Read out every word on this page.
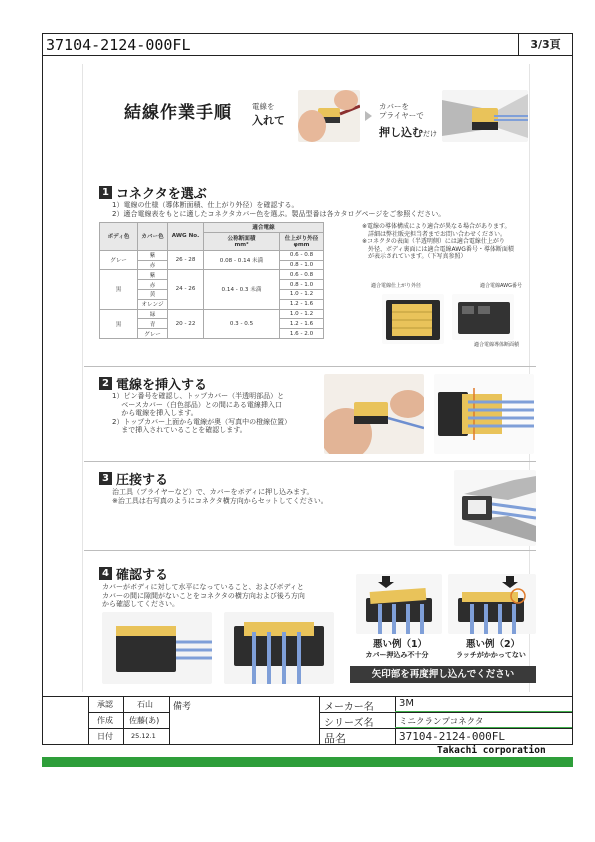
37104-2124-000FL	3/3頁
結線作業手順	電線を
入れて
カバーを
プライヤーで
押し込むだけ
1 コネクタを選ぶ
1）電線の仕様（導体断面積、仕上がり外径）を確認する。
2）適合電線表をもとに適したコネクタカバー色を選ぶ。製品型番は各カタログページをご参照ください。
ボディ色	カバー色	AWG No.	適合電線	
			公称断面積
mm²	仕上がり外径
φmm
グレー	紫	26 - 28	0.08 - 0.14 未満	0.6 - 0.8
	赤			0.8 - 1.0
黒	紫	24 - 26	0.14 - 0.3 未満	0.6 - 0.8
	赤			0.8 - 1.0
	黄			1.0 - 1.2
	オレンジ			1.2 - 1.6
黒	緑	20 - 22	0.3 - 0.5	1.0 - 1.2
	青			1.2 - 1.6
	グレー			1.6 - 2.0
※電線の導体構成により適合が異なる場合があります。
　詳細は弊社販売担当者までお問い合わせください。
※コネクタの表面（半透明側）には適合電線仕上がり
　外径、ボディ裏面には適合電線AWG番号・導体断面積
　が表示されています。（下写真参照）
適合電線仕上がり外径	適合電線AWG番号
適合電線導体断面積
2 電線を挿入する
1）ピン番号を確認し、トップカバー（半透明部品）と
　 ベースカバー（白色部品）との間にある電線挿入口
　 から電線を挿入します。
2）トップカバー上面から電線が奥（写真中の橙線位置）
　 まで挿入されていることを確認します。
3 圧接する
治工具（プライヤーなど）で、カバーをボディに押し込みます。
※治工具は右写真のようにコネクタ横方向からセットしてください。
4 確認する
カバーがボディに対して水平になっていること、およびボディと
カバーの間に隙間がないことをコネクタの横方向および後ろ方向
から確認してください。
悪い例（1）
カバー押込み不十分
悪い例（2）
ラッチがかかってない
矢印部を再度押し込んでください
承認	石山
作成 佐藤(あ)
日付	25.12.1
備考	メーカー名	3M
シリーズ名	ミニクランプコネクタ
品名	37104-2124-000FL
Takachi corporation
